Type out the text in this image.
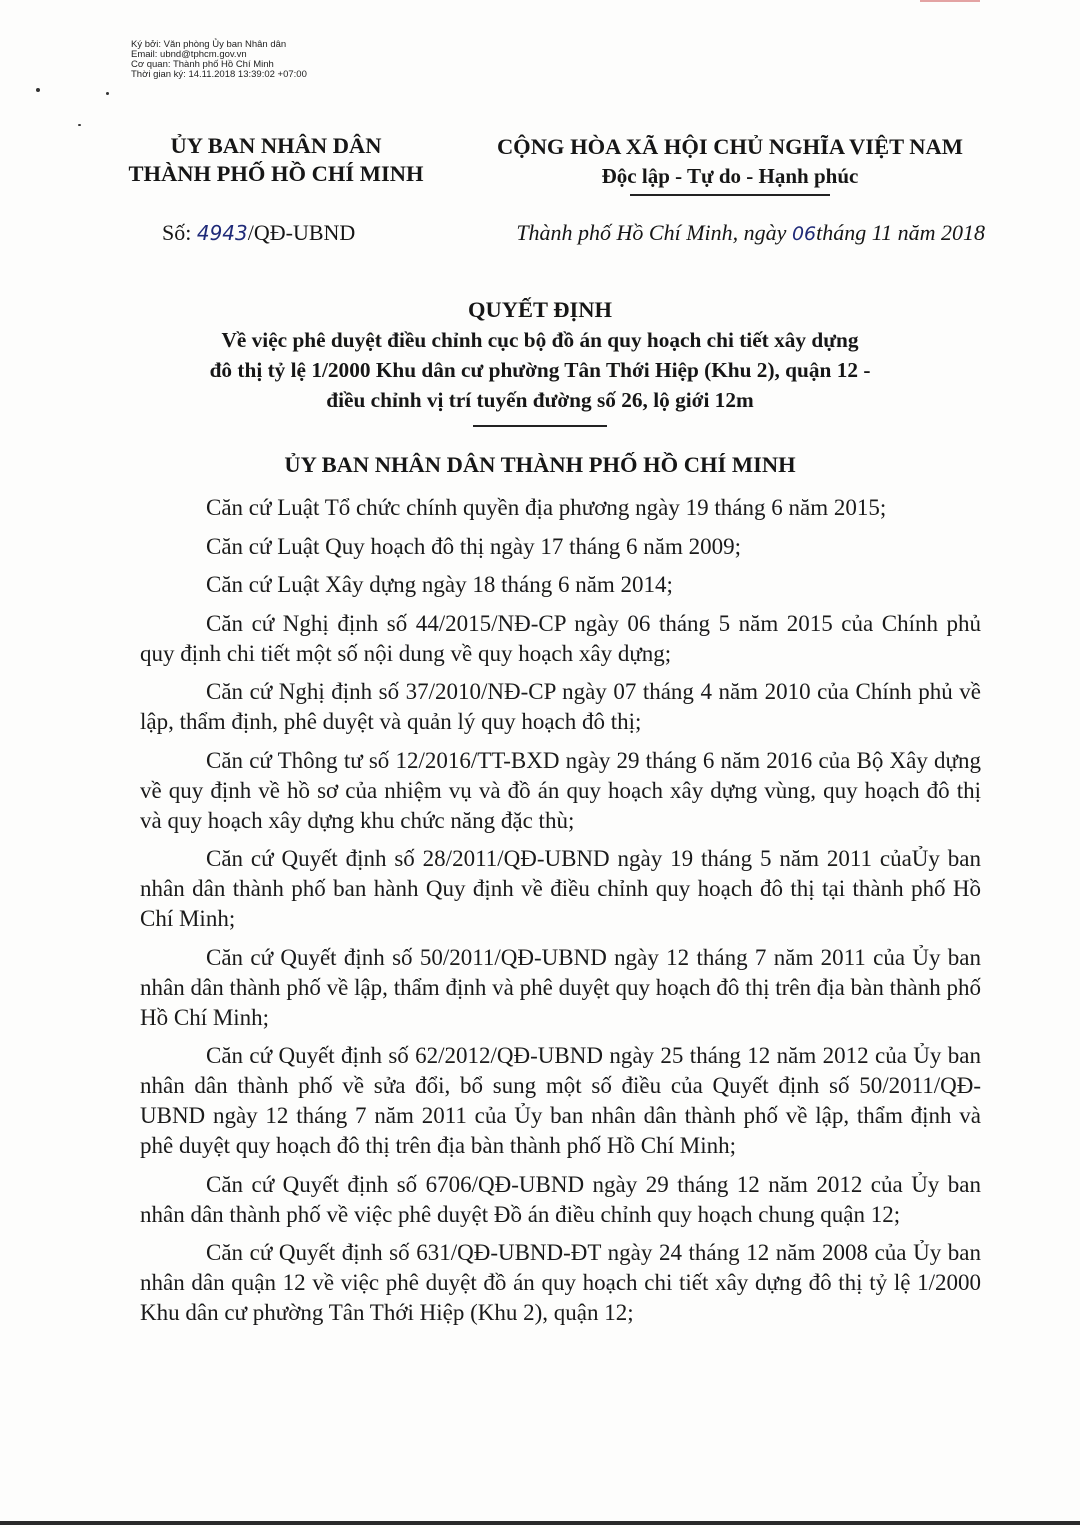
Ký bởi: Văn phòng Ủy ban Nhân dân
Email: ubnd@tphcm.gov.vn
Cơ quan: Thành phố Hồ Chí Minh
Thời gian ký: 14.11.2018 13:39:02 +07:00
ỦY BAN NHÂN DÂN
THÀNH PHỐ HỒ CHÍ MINH
CỘNG HÒA XÃ HỘI CHỦ NGHĨA VIỆT NAM
Độc lập - Tự do - Hạnh phúc
Số: 4943/QĐ-UBND	Thành phố Hồ Chí Minh, ngày 06tháng 11 năm 2018
QUYẾT ĐỊNH
Về việc phê duyệt điều chỉnh cục bộ đồ án quy hoạch chi tiết xây dựng
đô thị tỷ lệ 1/2000 Khu dân cư phường Tân Thới Hiệp (Khu 2), quận 12 -
điều chỉnh vị trí tuyến đường số 26, lộ giới 12m
ỦY BAN NHÂN DÂN THÀNH PHỐ HỒ CHÍ MINH

Căn cứ Luật Tổ chức chính quyền địa phương ngày 19 tháng 6 năm 2015;

Căn cứ Luật Quy hoạch đô thị ngày 17 tháng 6 năm 2009;

Căn cứ Luật Xây dựng ngày 18 tháng 6 năm 2014;

Căn cứ Nghị định số 44/2015/NĐ-CP ngày 06 tháng 5 năm 2015 của Chính phủ quy định chi tiết một số nội dung về quy hoạch xây dựng;

Căn cứ Nghị định số 37/2010/NĐ-CP ngày 07 tháng 4 năm 2010 của Chính phủ về lập, thẩm định, phê duyệt và quản lý quy hoạch đô thị;

Căn cứ Thông tư số 12/2016/TT-BXD ngày 29 tháng 6 năm 2016 của Bộ Xây dựng về quy định về hồ sơ của nhiệm vụ và đồ án quy hoạch xây dựng vùng, quy hoạch đô thị và quy hoạch xây dựng khu chức năng đặc thù;

Căn cứ Quyết định số 28/2011/QĐ-UBND ngày 19 tháng 5 năm 2011 củaỦy ban nhân dân thành phố ban hành Quy định về điều chỉnh quy hoạch đô thị tại thành phố Hồ Chí Minh;

Căn cứ Quyết định số 50/2011/QĐ-UBND ngày 12 tháng 7 năm 2011 của Ủy ban nhân dân thành phố về lập, thẩm định và phê duyệt quy hoạch đô thị trên địa bàn thành phố Hồ Chí Minh;

Căn cứ Quyết định số 62/2012/QĐ-UBND ngày 25 tháng 12 năm 2012 của Ủy ban nhân dân thành phố về sửa đổi, bổ sung một số điều của Quyết định số 50/2011/QĐ-UBND ngày 12 tháng 7 năm 2011 của Ủy ban nhân dân thành phố về lập, thẩm định và phê duyệt quy hoạch đô thị trên địa bàn thành phố Hồ Chí Minh;

Căn cứ Quyết định số 6706/QĐ-UBND ngày 29 tháng 12 năm 2012 của Ủy ban nhân dân thành phố về việc phê duyệt Đồ án điều chỉnh quy hoạch chung quận 12;

Căn cứ Quyết định số 631/QĐ-UBND-ĐT ngày 24 tháng 12 năm 2008 của Ủy ban nhân dân quận 12 về việc phê duyệt đồ án quy hoạch chi tiết xây dựng đô thị tỷ lệ 1/2000 Khu dân cư phường Tân Thới Hiệp (Khu 2), quận 12;
